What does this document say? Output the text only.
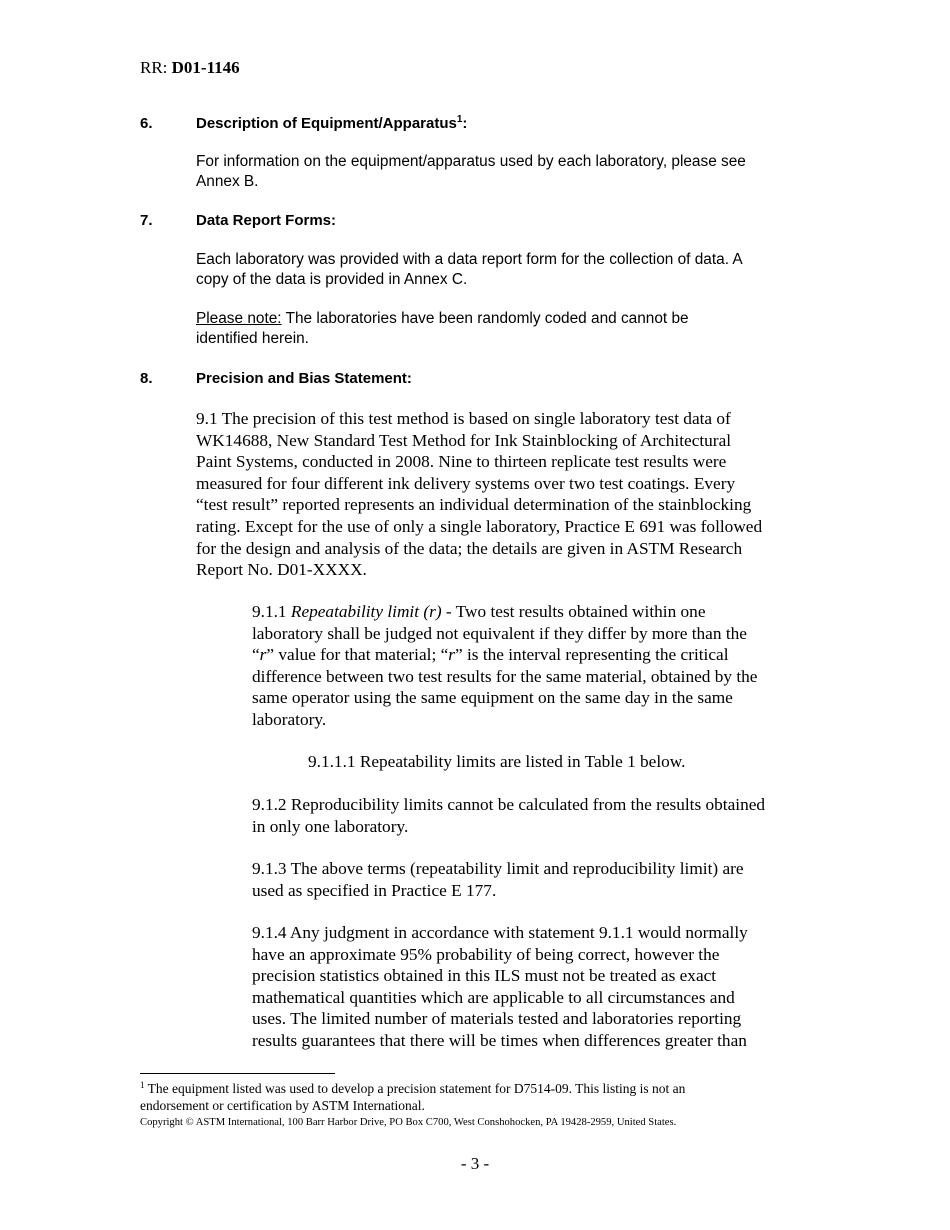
RR: D01-1146
6.	Description of Equipment/Apparatus$^1$:
For information on the equipment/apparatus used by each laboratory, please see
Annex B.
7.	Data Report Forms:
Each laboratory was provided with a data report form for the collection of data. A
copy of the data is provided in Annex C.
Please note: The laboratories have been randomly coded and cannot be
identified herein.
8.	Precision and Bias Statement:
9.1 The precision of this test method is based on single laboratory test data of
WK14688, New Standard Test Method for Ink Stainblocking of Architectural
Paint Systems, conducted in 2008. Nine to thirteen replicate test results were
measured for four different ink delivery systems over two test coatings. Every
“test result” reported represents an individual determination of the stainblocking
rating. Except for the use of only a single laboratory, Practice E 691 was followed
for the design and analysis of the data; the details are given in ASTM Research
Report No. D01-XXXX.
9.1.1 Repeatability limit (r) - Two test results obtained within one
laboratory shall be judged not equivalent if they differ by more than the
“r” value for that material; “r” is the interval representing the critical
difference between two test results for the same material, obtained by the
same operator using the same equipment on the same day in the same
laboratory.
9.1.1.1 Repeatability limits are listed in Table 1 below.
9.1.2 Reproducibility limits cannot be calculated from the results obtained
in only one laboratory.
9.1.3 The above terms (repeatability limit and reproducibility limit) are
used as specified in Practice E 177.
9.1.4 Any judgment in accordance with statement 9.1.1 would normally
have an approximate 95% probability of being correct, however the
precision statistics obtained in this ILS must not be treated as exact
mathematical quantities which are applicable to all circumstances and
uses. The limited number of materials tested and laboratories reporting
results guarantees that there will be times when differences greater than
$^1$ The equipment listed was used to develop a precision statement for D7514-09. This listing is not an
endorsement or certification by ASTM International.
Copyright © ASTM International, 100 Barr Harbor Drive, PO Box C700, West Conshohocken, PA 19428-2959, United States.
- 3 -
